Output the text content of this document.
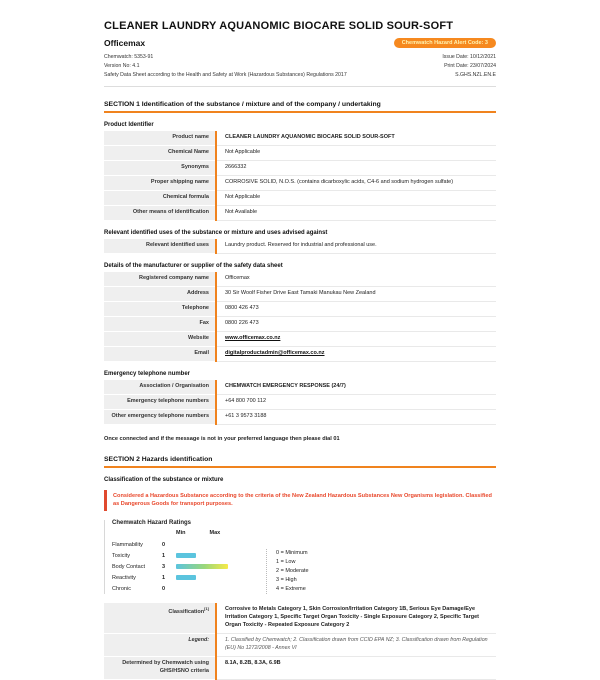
CLEANER LAUNDRY AQUANOMIC BIOCARE SOLID SOUR-SOFT
Officemax	Chemwatch Hazard Alert Code: 3
Chemwatch: 5353-91
Version No: 4.1
Safety Data Sheet according to the Health and Safety at Work (Hazardous Substances) Regulations 2017
Issue Date: 10/12/2021
Print Date: 23/07/2024
S.GHS.NZL.EN.E
SECTION 1 Identification of the substance / mixture and of the company / undertaking
Product Identifier
Product name	CLEANER LAUNDRY AQUANOMIC BIOCARE SOLID SOUR-SOFT
Chemical Name	Not Applicable
Synonyms	2666332
Proper shipping name	CORROSIVE SOLID, N.O.S. (contains dicarboxylic acids, C4-6 and sodium hydrogen sulfate)
Chemical formula	Not Applicable
Other means of identification	Not Available
Relevant identified uses of the substance or mixture and uses advised against
Relevant identified uses	Laundry product. Reserved for industrial and professional use.
Details of the manufacturer or supplier of the safety data sheet
Registered company name	Officemax
Address	30 Sir Woolf Fisher Drive East Tamaki Manukau New Zealand
Telephone	0800 426 473
Fax	0800 226 473
Website	www.officemax.co.nz
Email	digitalproductadmin@officemax.co.nz
Emergency telephone number
Association / Organisation	CHEMWATCH EMERGENCY RESPONSE (24/7)
Emergency telephone numbers	+64 800 700 112
Other emergency telephone numbers	+61 3 9573 3188
Once connected and if the message is not in your preferred language then please dial 01
SECTION 2 Hazards identification
Classification of the substance or mixture
Considered a Hazardous Substance according to the criteria of the New Zealand Hazardous Substances New Organisms legislation. Classified as Dangerous Goods for transport purposes.
Chemwatch Hazard Ratings
Min	Max
Flammability	0
Toxicity	1
Body Contact	3
Reactivity	1
Chronic	0
0 = Minimum
1 = Low
2 = Moderate
3 = High
4 = Extreme
Classification[1]	Corrosive to Metals Category 1, Skin Corrosion/Irritation Category 1B, Serious Eye Damage/Eye Irritation Category 1, Specific Target Organ Toxicity - Single Exposure Category 2, Specific Target Organ Toxicity - Repeated Exposure Category 2
Legend:	1. Classified by Chemwatch; 2. Classification drawn from CCID EPA NZ; 3. Classification drawn from Regulation (EU) No 1272/2008 - Annex VI
Determined by Chemwatch using GHS/HSNO criteria	8.1A, 8.2B, 8.3A, 6.9B
